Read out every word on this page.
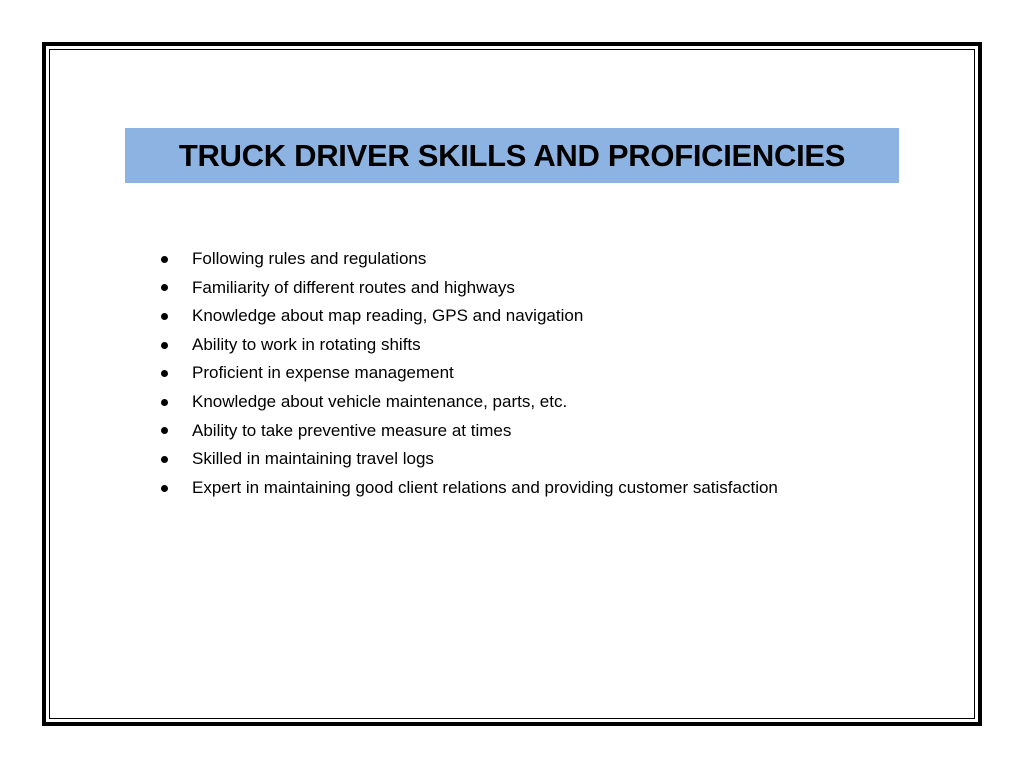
TRUCK DRIVER SKILLS AND PROFICIENCIES
Following rules and regulations
Familiarity of different routes and highways
Knowledge about map reading, GPS and navigation
Ability to work in rotating shifts
Proficient in expense management
Knowledge about vehicle maintenance, parts, etc.
Ability to take preventive measure at times
Skilled in maintaining travel logs
Expert in maintaining good client relations and providing customer satisfaction
